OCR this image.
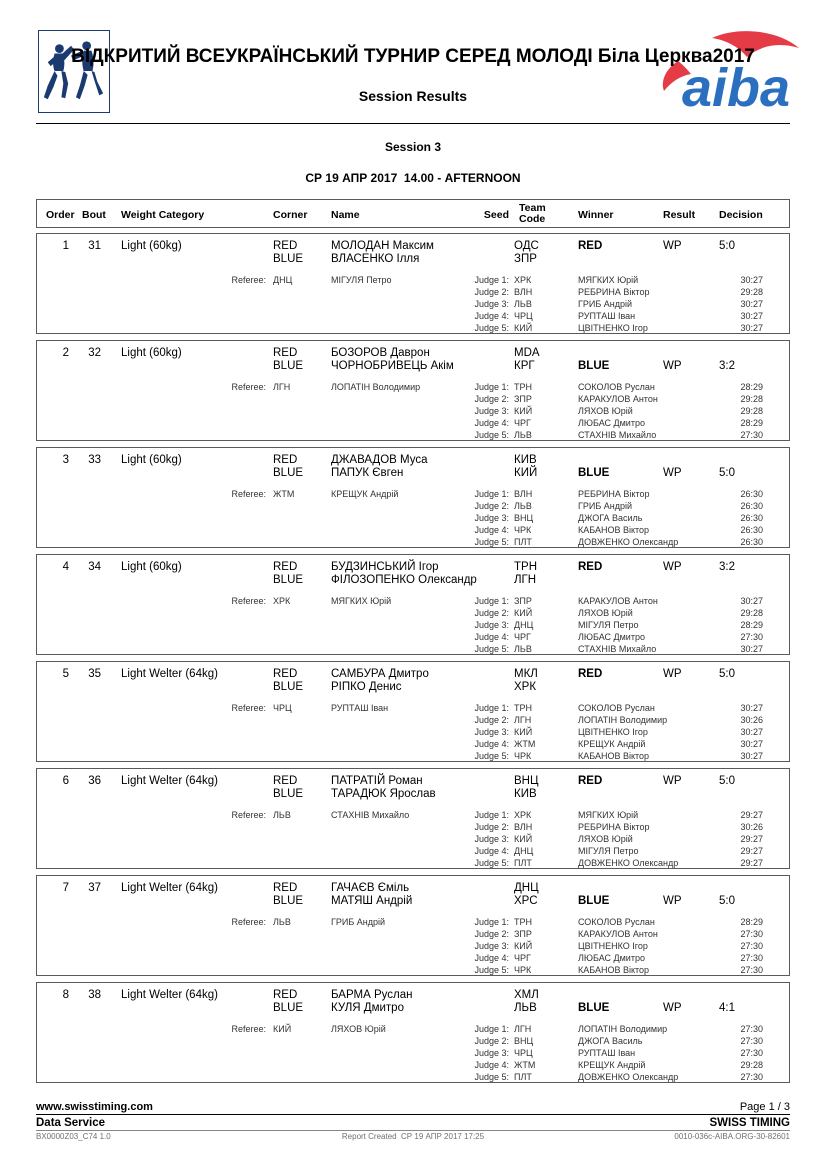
ВІДКРИТИЙ ВСЕУКРАЇНСЬКИЙ ТУРНИР СЕРЕД МОЛОДІ Біла Церква2017
Session Results	aiba
Session 3
СР 19 АПР 2017  14.00 - AFTERNOON
Order Bout Weight Category	Corner Name	Seed
Team
Code	Winner	Result Decision
1	31 Light (60kg)	RED	МОЛОДАН Максим	ОДС	RED	WP	5:0
BLUE ВЛАСЕНКО Ілля	ЗПР
Referee: ДНЦ	МІГУЛЯ Петро	Judge 1: ХРК	МЯГКИХ Юрій	30:27
Judge 2: ВЛН	РЕБРИНА Віктор	29:28
Judge 3: ЛЬВ	ГРИБ Андрій	30:27
Judge 4: ЧРЦ	РУПТАШ Іван	30:27
Judge 5: КИЙ	ЦВІТНЕНКО Ігор	30:27
2	32 Light (60kg)	RED	БОЗОРОВ Даврон	MDA
BLUE ЧОРНОБРИВЕЦЬ Акім	КРГ	BLUE	WP	3:2
Referee: ЛГН	ЛОПАТІН Володимир	Judge 1: ТРН	СОКОЛОВ Руслан	28:29
Judge 2: ЗПР	КАРАКУЛОВ Антон	29:28
Judge 3: КИЙ	ЛЯХОВ Юрій	29:28
Judge 4: ЧРГ	ЛЮБАС Дмитро	28:29
Judge 5: ЛЬВ	СТАХНІВ Михайло	27:30
3	33 Light (60kg)	RED	ДЖАВАДОВ Муса	КИВ
BLUE ПАПУК Євген	КИЙ	BLUE	WP	5:0
Referee: ЖТМ	КРЕЩУК Андрій	Judge 1: ВЛН	РЕБРИНА Віктор	26:30
Judge 2: ЛЬВ	ГРИБ Андрій	26:30
Judge 3: ВНЦ	ДЖОГА Василь	26:30
Judge 4: ЧРК	КАБАНОВ Віктор	26:30
Judge 5: ПЛТ	ДОВЖЕНКО Олександр	26:30
4	34 Light (60kg)	RED	БУДЗИНСЬКИЙ Ігор	ТРН	RED	WP	3:2
BLUE ФІЛОЗОПЕНКО Олександр	ЛГН
Referee: ХРК	МЯГКИХ Юрій	Judge 1: ЗПР	КАРАКУЛОВ Антон	30:27
Judge 2: КИЙ	ЛЯХОВ Юрій	29:28
Judge 3: ДНЦ	МІГУЛЯ Петро	28:29
Judge 4: ЧРГ	ЛЮБАС Дмитро	27:30
Judge 5: ЛЬВ	СТАХНІВ Михайло	30:27
5	35 Light Welter (64kg)	RED	САМБУРА Дмитро	МКЛ	RED	WP	5:0
BLUE РІПКО Денис	ХРК
Referee: ЧРЦ	РУПТАШ Іван	Judge 1: ТРН	СОКОЛОВ Руслан	30:27
Judge 2: ЛГН	ЛОПАТІН Володимир	30:26
Judge 3: КИЙ	ЦВІТНЕНКО Ігор	30:27
Judge 4: ЖТМ	КРЕЩУК Андрій	30:27
Judge 5: ЧРК	КАБАНОВ Віктор	30:27
6	36 Light Welter (64kg)	RED	ПАТРАТІЙ Роман	ВНЦ	RED	WP	5:0
BLUE ТАРАДЮК Ярослав	КИВ
Referee: ЛЬВ	СТАХНІВ Михайло	Judge 1: ХРК	МЯГКИХ Юрій	29:27
Judge 2: ВЛН	РЕБРИНА Віктор	30:26
Judge 3: КИЙ	ЛЯХОВ Юрій	29:27
Judge 4: ДНЦ	МІГУЛЯ Петро	29:27
Judge 5: ПЛТ	ДОВЖЕНКО Олександр	29:27
7	37 Light Welter (64kg)	RED	ГАЧАЄВ Єміль	ДНЦ
BLUE МАТЯШ Андрій	ХРС	BLUE	WP	5:0
Referee: ЛЬВ	ГРИБ Андрій	Judge 1: ТРН	СОКОЛОВ Руслан	28:29
Judge 2: ЗПР	КАРАКУЛОВ Антон	27:30
Judge 3: КИЙ	ЦВІТНЕНКО Ігор	27:30
Judge 4: ЧРГ	ЛЮБАС Дмитро	27:30
Judge 5: ЧРК	КАБАНОВ Віктор	27:30
8	38 Light Welter (64kg)	RED	БАРМА Руслан	ХМЛ
BLUE КУЛЯ Дмитро	ЛЬВ	BLUE	WP	4:1
Referee: КИЙ	ЛЯХОВ Юрій	Judge 1: ЛГН	ЛОПАТІН Володимир	27:30
Judge 2: ВНЦ	ДЖОГА Василь	27:30
Judge 3: ЧРЦ	РУПТАШ Іван	27:30
Judge 4: ЖТМ	КРЕЩУК Андрій	29:28
Judge 5: ПЛТ	ДОВЖЕНКО Олександр	27:30
www.swisstiming.com	Page 1 / 3
Data Service	SWISS TIMING
BX0000Z03_C74 1.0	Report Created  СР 19 АПР 2017 17:25	0010-036c-AIBA.ORG-30-82601
